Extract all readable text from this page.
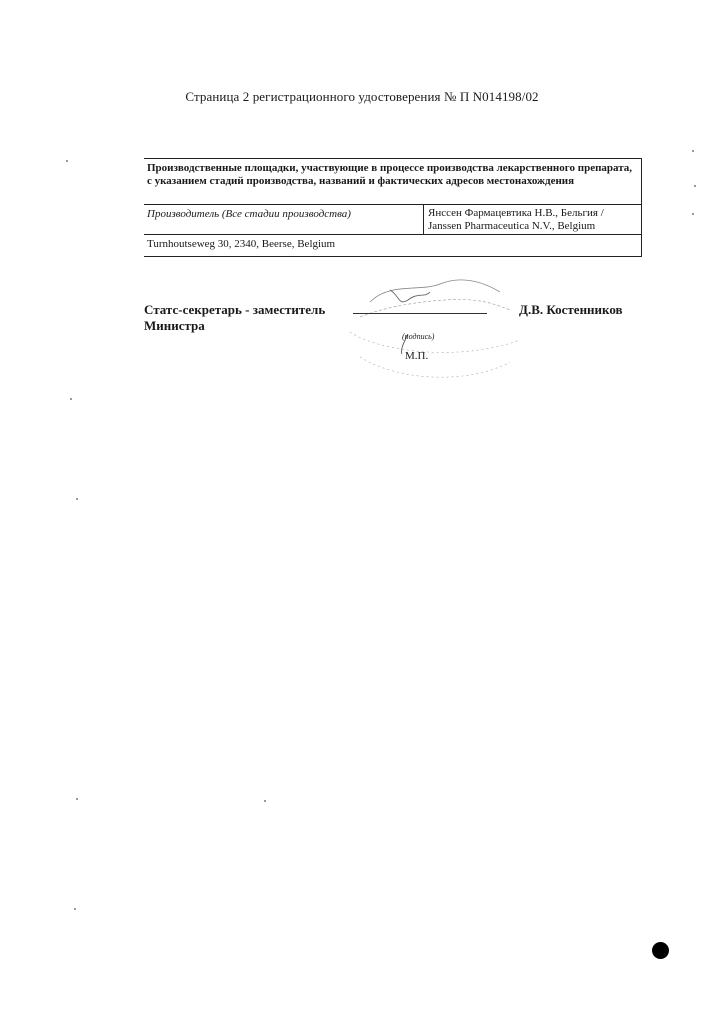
Страница 2 регистрационного удостоверения № П N014198/02
Производственные площадки, участвующие в процессе производства лекарственного препарата, с указанием стадий производства, названий и фактических адресов местонахождения
Производитель (Все стадии производства)	Янссен Фармацевтика Н.В., Бельгия /
Janssen Pharmaceutica N.V., Belgium
Turnhoutseweg 30, 2340, Beerse, Belgium
Статс-секретарь - заместитель
Министра
Д.В. Костенников
(подпись)
М.П.
